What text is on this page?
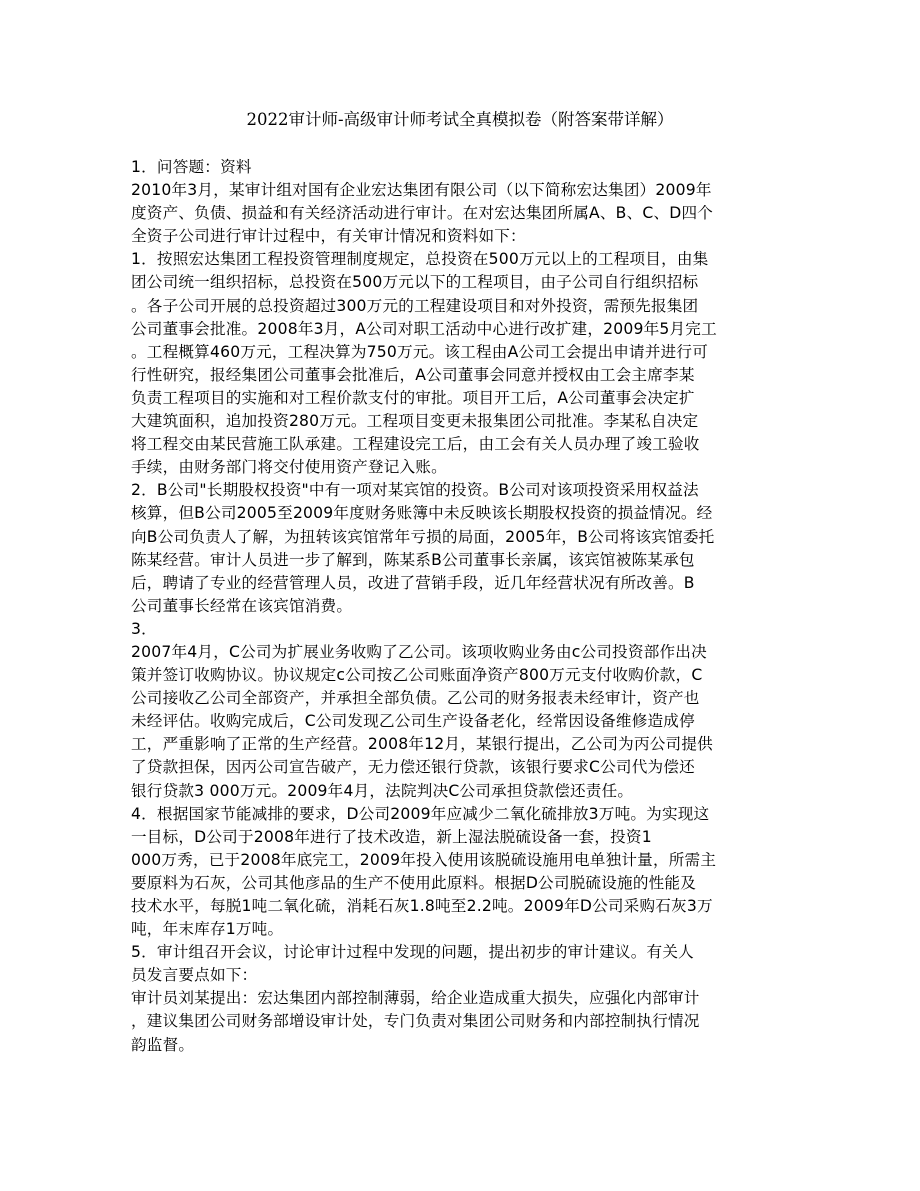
2022审计师-高级审计师考试全真模拟卷（附答案带详解）
1．问答题：资料
2010年3月，某审计组对国有企业宏达集团有限公司（以下简称宏达集团）2009年
度资产、负债、损益和有关经济活动进行审计。在对宏达集团所属A、B、C、D四个
全资子公司进行审计过程中，有关审计情况和资料如下：
1．按照宏达集团工程投资管理制度规定，总投资在500万元以上的工程项目，由集
团公司统一组织招标，总投资在500万元以下的工程项目，由子公司自行组织招标
。各子公司开展的总投资超过300万元的工程建设项目和对外投资，需预先报集团
公司董事会批准。2008年3月，A公司对职工活动中心进行改扩建，2009年5月完工
。工程概算460万元，工程决算为750万元。该工程由A公司工会提出申请并进行可
行性研究，报经集团公司董事会批准后，A公司董事会同意并授权由工会主席李某
负责工程项目的实施和对工程价款支付的审批。项目开工后，A公司董事会决定扩
大建筑面积，追加投资280万元。工程项目变更未报集团公司批准。李某私自决定
将工程交由某民营施工队承建。工程建设完工后，由工会有关人员办理了竣工验收
手续，由财务部门将交付使用资产登记入账。
2．B公司"长期股权投资"中有一项对某宾馆的投资。B公司对该项投资采用权益法
核算，但B公司2005至2009年度财务账簿中未反映该长期股权投资的损益情况。经
向B公司负责人了解，为扭转该宾馆常年亏损的局面，2005年，B公司将该宾馆委托
陈某经营。审计人员进一步了解到，陈某系B公司董事长亲属，该宾馆被陈某承包
后，聘请了专业的经营管理人员，改进了营销手段，近几年经营状况有所改善。B
公司董事长经常在该宾馆消费。
3．
2007年4月，C公司为扩展业务收购了乙公司。该项收购业务由c公司投资部作出决
策并签订收购协议。协议规定c公司按乙公司账面净资产800万元支付收购价款，C
公司接收乙公司全部资产，并承担全部负债。乙公司的财务报表未经审计，资产也
未经评估。收购完成后，C公司发现乙公司生产设备老化，经常因设备维修造成停
工，严重影响了正常的生产经营。2008年12月，某银行提出，乙公司为丙公司提供
了贷款担保，因丙公司宣告破产，无力偿还银行贷款，该银行要求C公司代为偿还
银行贷款3 000万元。2009年4月，法院判决C公司承担贷款偿还责任。
4．根据国家节能减排的要求，D公司2009年应减少二氧化硫排放3万吨。为实现这
一目标，D公司于2008年进行了技术改造，新上湿法脱硫设备一套，投资1
000万秀，已于2008年底完工，2009年投入使用该脱硫设施用电单独计量，所需主
要原料为石灰，公司其他彦品的生产不使用此原料。根据D公司脱硫设施的性能及
技术水平，每脱1吨二氧化硫，消耗石灰1.8吨至2.2吨。2009年D公司采购石灰3万
吨，年末库存1万吨。
5．审计组召开会议，讨论审计过程中发现的问题，提出初步的审计建议。有关人
员发言要点如下：
审计员刘某提出：宏达集团内部控制薄弱，给企业造成重大损失，应强化内部审计
，建议集团公司财务部增设审计处，专门负责对集团公司财务和内部控制执行情况
韵监督。
